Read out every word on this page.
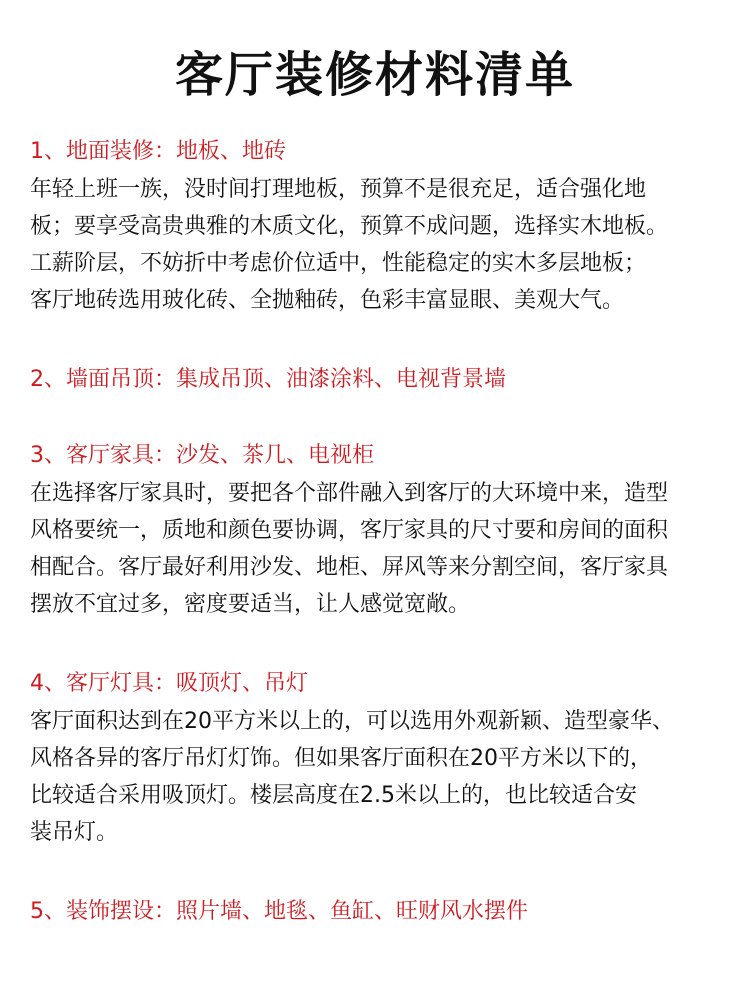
客厅装修材料清单
1、地面装修：地板、地砖
年轻上班一族，没时间打理地板，预算不是很充足，适合强化地
板；要享受高贵典雅的木质文化，预算不成问题，选择实木地板。
工薪阶层，不妨折中考虑价位适中，性能稳定的实木多层地板；
客厅地砖选用玻化砖、全抛釉砖，色彩丰富显眼、美观大气。
2、墙面吊顶：集成吊顶、油漆涂料、电视背景墙
3、客厅家具：沙发、茶几、电视柜
在选择客厅家具时，要把各个部件融入到客厅的大环境中来，造型
风格要统一，质地和颜色要协调，客厅家具的尺寸要和房间的面积
相配合。客厅最好利用沙发、地柜、屏风等来分割空间，客厅家具
摆放不宜过多，密度要适当，让人感觉宽敞。
4、客厅灯具：吸顶灯、吊灯
客厅面积达到在20平方米以上的，可以选用外观新颖、造型豪华、
风格各异的客厅吊灯灯饰。但如果客厅面积在20平方米以下的，
比较适合采用吸顶灯。楼层高度在2.5米以上的，也比较适合安
装吊灯。
5、装饰摆设：照片墙、地毯、鱼缸、旺财风水摆件
